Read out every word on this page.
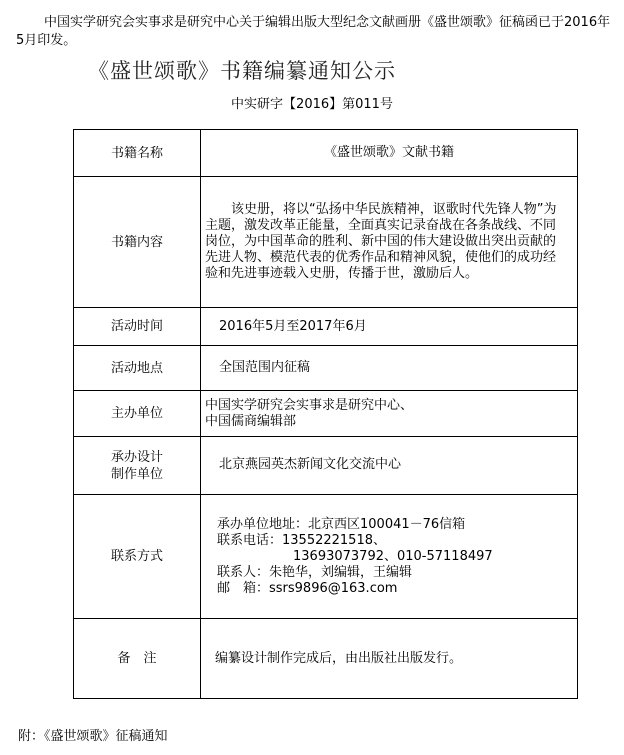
中国实学研究会实事求是研究中心关于编辑出版大型纪念文献画册《盛世颂歌》征稿函已于2016年5月印发。
《盛世颂歌》书籍编纂通知公示
中实研字【2016】第011号
书籍名称	《盛世颂歌》文献书籍
书籍内容	该史册，将以“弘扬中华民族精神，讴歌时代先锋人物”为主题，激发改革正能量，全面真实记录奋战在各条战线、不同岗位，为中国革命的胜利、新中国的伟大建设做出突出贡献的先进人物、模范代表的优秀作品和精神风貌，使他们的成功经验和先进事迹载入史册，传播于世，激励后人。
活动时间	2016年5月至2017年6月
活动地点	全国范围内征稿
主办单位	中国实学研究会实事求是研究中心、
中国儒商编辑部

承办设计
制作单位	北京燕园英杰新闻文化交流中心
联系方式	承办单位地址：北京西区100041－76信箱
联系电话：13552221518、
13693073792、010-57118497
联系人：朱艳华，刘编辑，王编辑
邮　箱：ssrs9896@163.com

备　注	编纂设计制作完成后，由出版社出版发行。
附：《盛世颂歌》征稿通知
